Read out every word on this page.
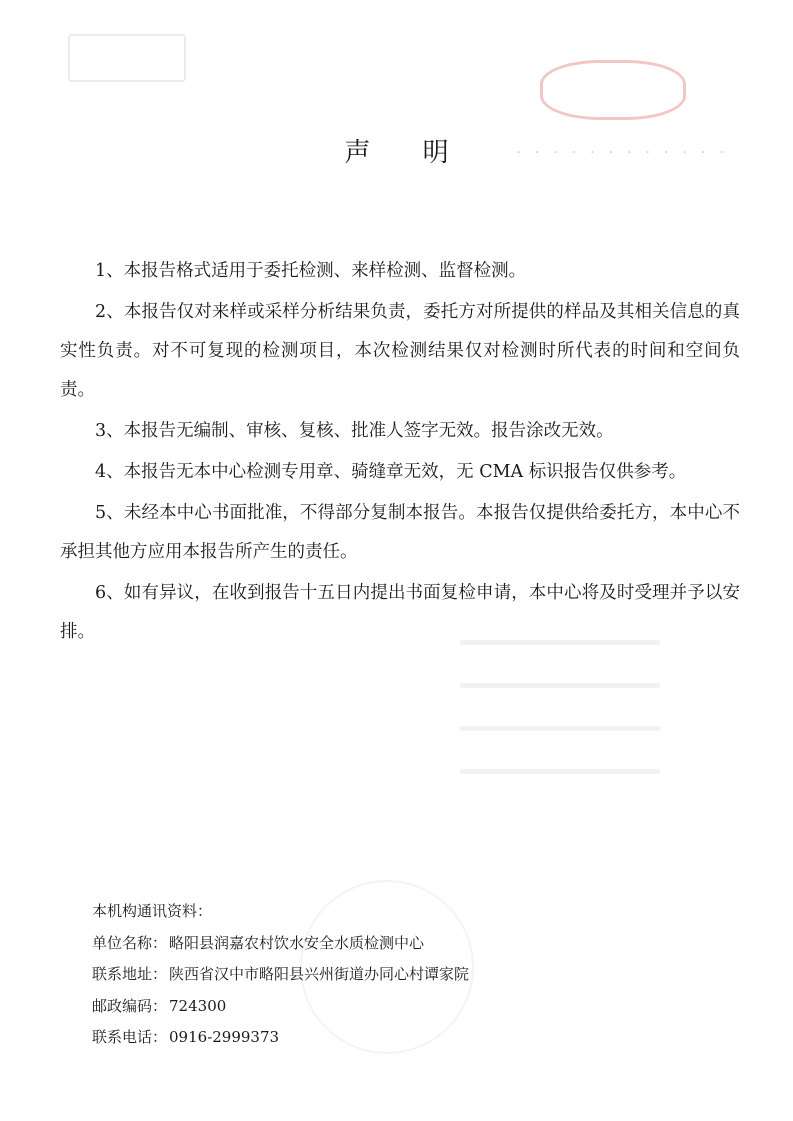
. . . . . . . . . . . .
声 明

1、本报告格式适用于委托检测、来样检测、监督检测。

2、本报告仅对来样或采样分析结果负责，委托方对所提供的样品及其相关信息的真实性负责。对不可复现的检测项目，本次检测结果仅对检测时所代表的时间和空间负责。

3、本报告无编制、审核、复核、批准人签字无效。报告涂改无效。

4、本报告无本中心检测专用章、骑缝章无效，无 CMA 标识报告仅供参考。

5、未经本中心书面批准，不得部分复制本报告。本报告仅提供给委托方，本中心不承担其他方应用本报告所产生的责任。

6、如有异议，在收到报告十五日内提出书面复检申请，本中心将及时受理并予以安排。

本机构通讯资料：
单位名称： 略阳县润嘉农村饮水安全水质检测中心
联系地址： 陕西省汉中市略阳县兴州街道办同心村谭家院
邮政编码： 724300
联系电话： 0916-2999373
